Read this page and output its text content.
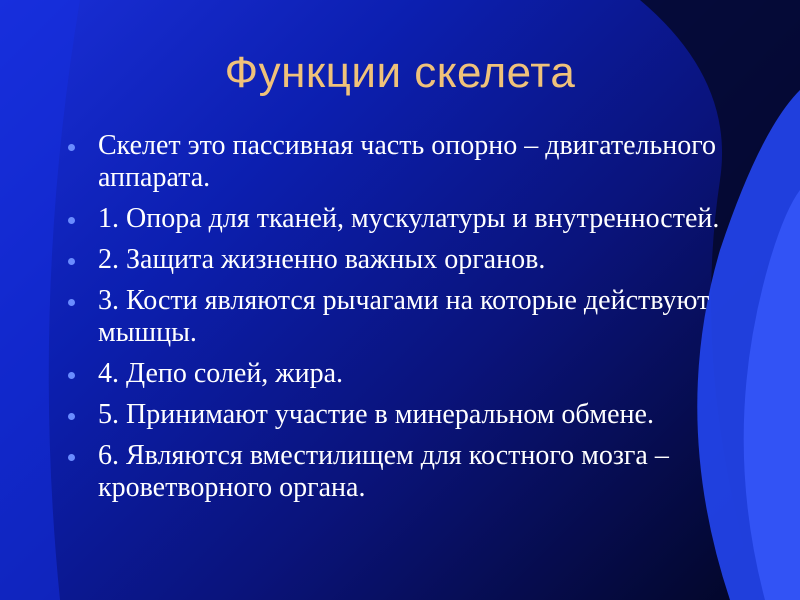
Функции скелета
Скелет это пассивная часть опорно – двигательного аппарата.
1. Опора для тканей, мускулатуры и внутренностей.
2. Защита жизненно важных органов.
3. Кости являются рычагами на которые действуют мышцы.
4. Депо солей, жира.
5. Принимают участие в минеральном обмене.
6. Являются вместилищем для костного мозга – кроветворного органа.
